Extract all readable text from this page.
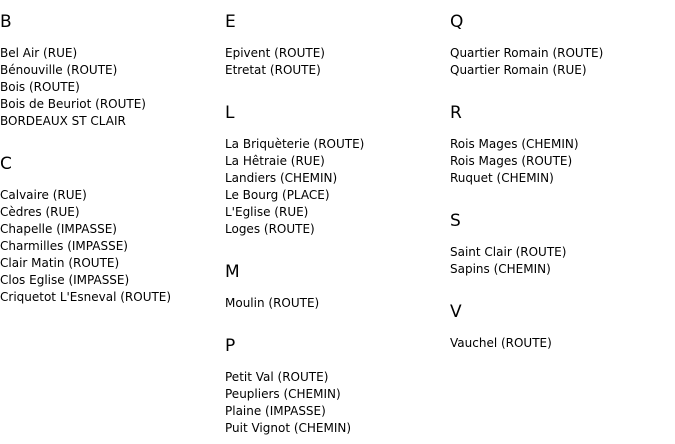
B
Bel Air (RUE)
Bénouville (ROUTE)
Bois (ROUTE)
Bois de Beuriot (ROUTE)
BORDEAUX ST CLAIR
C
Calvaire (RUE)
Cèdres (RUE)
Chapelle (IMPASSE)
Charmilles (IMPASSE)
Clair Matin (ROUTE)
Clos Eglise (IMPASSE)
Criquetot L'Esneval (ROUTE)
E
Epivent (ROUTE)
Etretat (ROUTE)
L
La Briquèterie (ROUTE)
La Hêtraie (RUE)
Landiers (CHEMIN)
Le Bourg (PLACE)
L'Eglise (RUE)
Loges (ROUTE)
M
Moulin (ROUTE)
P
Petit Val (ROUTE)
Peupliers (CHEMIN)
Plaine (IMPASSE)
Puit Vignot (CHEMIN)
Q
Quartier Romain (ROUTE)
Quartier Romain (RUE)
R
Rois Mages (CHEMIN)
Rois Mages (ROUTE)
Ruquet (CHEMIN)
S
Saint Clair (ROUTE)
Sapins (CHEMIN)
V
Vauchel (ROUTE)
